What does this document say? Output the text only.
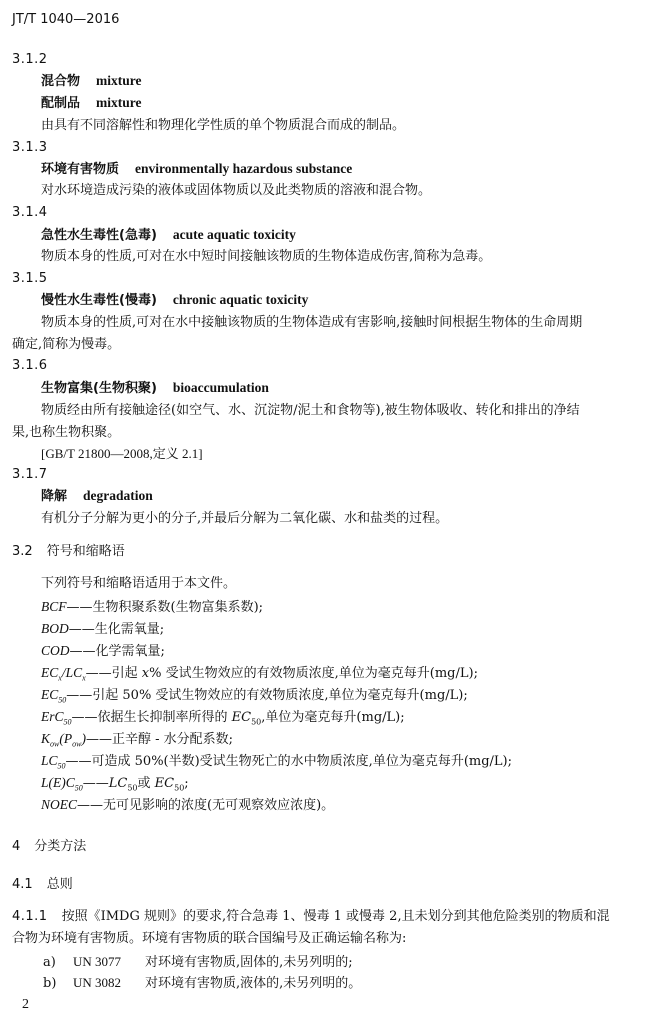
JT/T 1040—2016
3.1.2
混合物 mixture
配制品 mixture
由具有不同溶解性和物理化学性质的单个物质混合而成的制品。
3.1.3
环境有害物质 environmentally hazardous substance
对水环境造成污染的液体或固体物质以及此类物质的溶液和混合物。
3.1.4
急性水生毒性(急毒) acute aquatic toxicity
物质本身的性质,可对在水中短时间接触该物质的生物体造成伤害,简称为急毒。
3.1.5
慢性水生毒性(慢毒) chronic aquatic toxicity
物质本身的性质,可对在水中接触该物质的生物体造成有害影响,接触时间根据生物体的生命周期
确定,简称为慢毒。
3.1.6
生物富集(生物积聚) bioaccumulation
物质经由所有接触途径(如空气、水、沉淀物/泥土和食物等),被生物体吸收、转化和排出的净结
果,也称生物积聚。
[GB/T 21800—2008,定义 2.1]
3.1.7
降解 degradation
有机分子分解为更小的分子,并最后分解为二氧化碳、水和盐类的过程。
3.2 符号和缩略语
下列符号和缩略语适用于本文件。
BCF——生物积聚系数(生物富集系数);
BOD——生化需氧量;
COD——化学需氧量;
$EC_x/LC_x——$引起 x% 受试生物效应的有效物质浓度,单位为毫克每升(mg/L);
$EC_{50}——$引起 50% 受试生物效应的有效物质浓度,单位为毫克每升(mg/L);
ErC$_{50}$——依据生长抑制率所得的 $EC_{50}$,单位为毫克每升(mg/L);
$K_{ow}(P_{ow})——$正辛醇 - 水分配系数;
$LC_{50}——$可造成 50%(半数)受试生物死亡的水中物质浓度,单位为毫克每升(mg/L);
$L(E)C_{50}——LC_{50}$或 $EC_{50}$;
NOEC——无可见影响的浓度(无可观察效应浓度)。
4 分类方法
4.1 总则
4.1.1 按照《IMDG 规则》的要求,符合急毒 1、慢毒 1 或慢毒 2,且未划分到其他危险类别的物质和混
合物为环境有害物质。环境有害物质的联合国编号及正确运输名称为:
a) UN 3077 对环境有害物质,固体的,未另列明的;
b) UN 3082 对环境有害物质,液体的,未另列明的。
2
